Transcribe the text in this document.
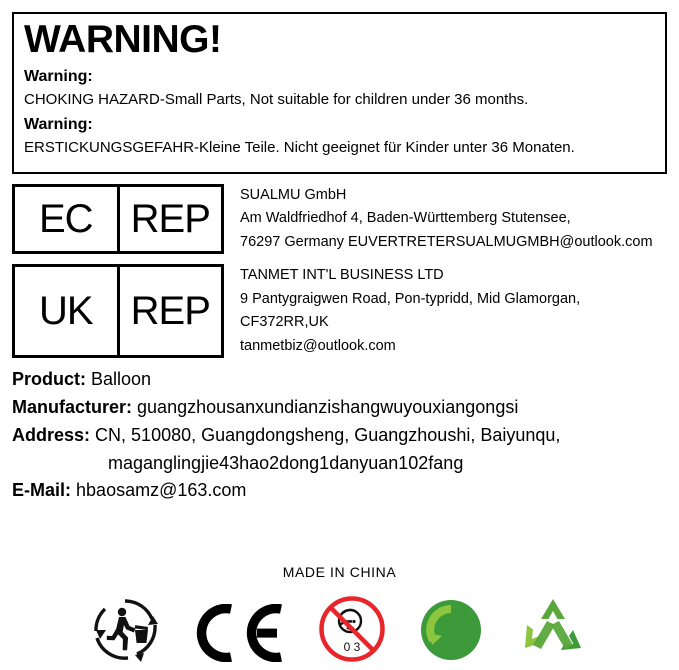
WARNING!
Warning:
CHOKING HAZARD-Small Parts, Not suitable for children under 36 months.
Warning:
ERSTICKUNGSGEFAHR-Kleine Teile. Nicht geeignet für Kinder unter 36 Monaten.
EC REP
SUALMU GmbH
Am Waldfriedhof 4, Baden-Württemberg Stutensee,
76297 Germany EUVERTRETERSUALMUGMBH@outlook.com
UK REP
TANMET INT'L BUSINESS LTD
9 Pantygraigwen Road, Pon-typridd, Mid Glamorgan, CF372RR,UK
tanmetbiz@outlook.com
Product: Balloon
Manufacturer: guangzhousanxundianzishangwuyouxiangongsi
Address: CN, 510080, Guangdongsheng, Guangzhoushi, Baiyunqu,
maganglingjie43hao2dong1danyuan102fang
E-Mail: hbaosamz@163.com
MADE IN CHINA
0 3
